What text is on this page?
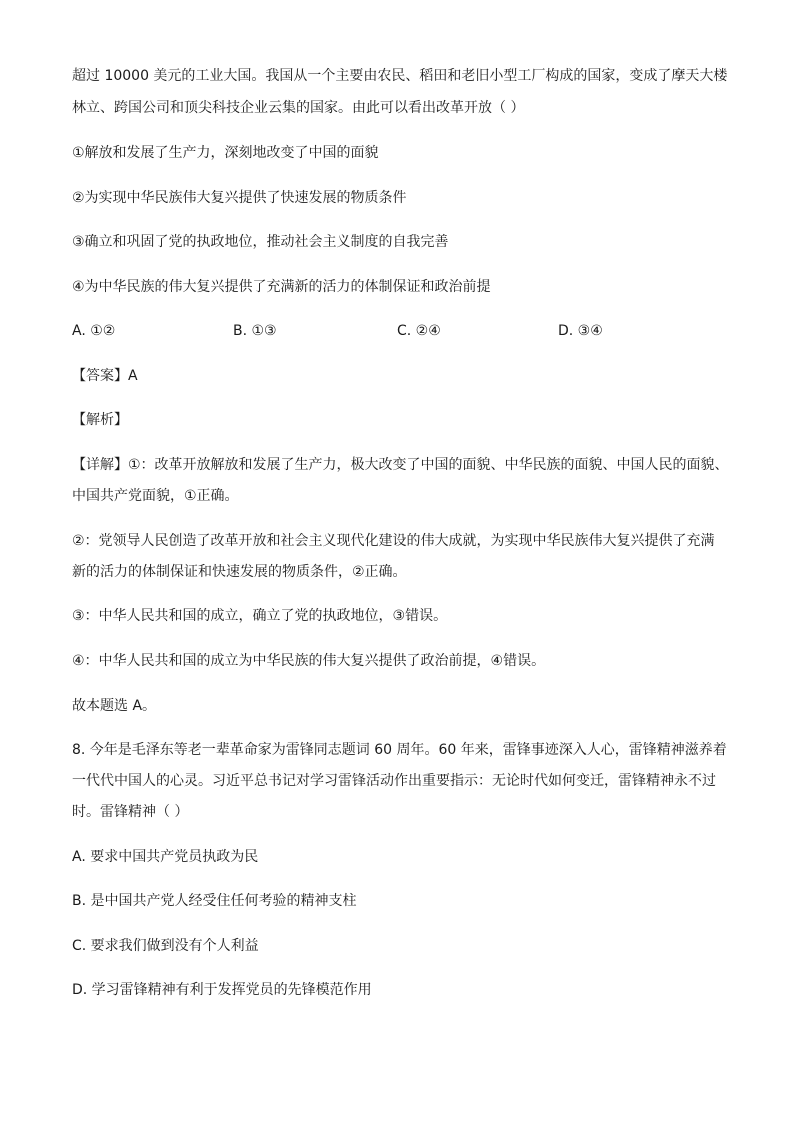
超过 10000 美元的工业大国。我国从一个主要由农民、稻田和老旧小型工厂构成的国家，变成了摩天大楼
林立、跨国公司和顶尖科技企业云集的国家。由此可以看出改革开放（ ）
①解放和发展了生产力，深刻地改变了中国的面貌
②为实现中华民族伟大复兴提供了快速发展的物质条件
③确立和巩固了党的执政地位，推动社会主义制度的自我完善
④为中华民族的伟大复兴提供了充满新的活力的体制保证和政治前提
A. ①②	B. ①③	C. ②④	D. ③④
【答案】A
【解析】
【详解】①：改革开放解放和发展了生产力，极大改变了中国的面貌、中华民族的面貌、中国人民的面貌、
中国共产党面貌，①正确。
②：党领导人民创造了改革开放和社会主义现代化建设的伟大成就，为实现中华民族伟大复兴提供了充满
新的活力的体制保证和快速发展的物质条件，②正确。
③：中华人民共和国的成立，确立了党的执政地位，③错误。
④：中华人民共和国的成立为中华民族的伟大复兴提供了政治前提，④错误。
故本题选 A。
8. 今年是毛泽东等老一辈革命家为雷锋同志题词 60 周年。60 年来，雷锋事迹深入人心，雷锋精神滋养着
一代代中国人的心灵。习近平总书记对学习雷锋活动作出重要指示：无论时代如何变迁，雷锋精神永不过
时。雷锋精神（ ）
A. 要求中国共产党员执政为民
B. 是中国共产党人经受住任何考验的精神支柱
C. 要求我们做到没有个人利益
D. 学习雷锋精神有利于发挥党员的先锋模范作用
